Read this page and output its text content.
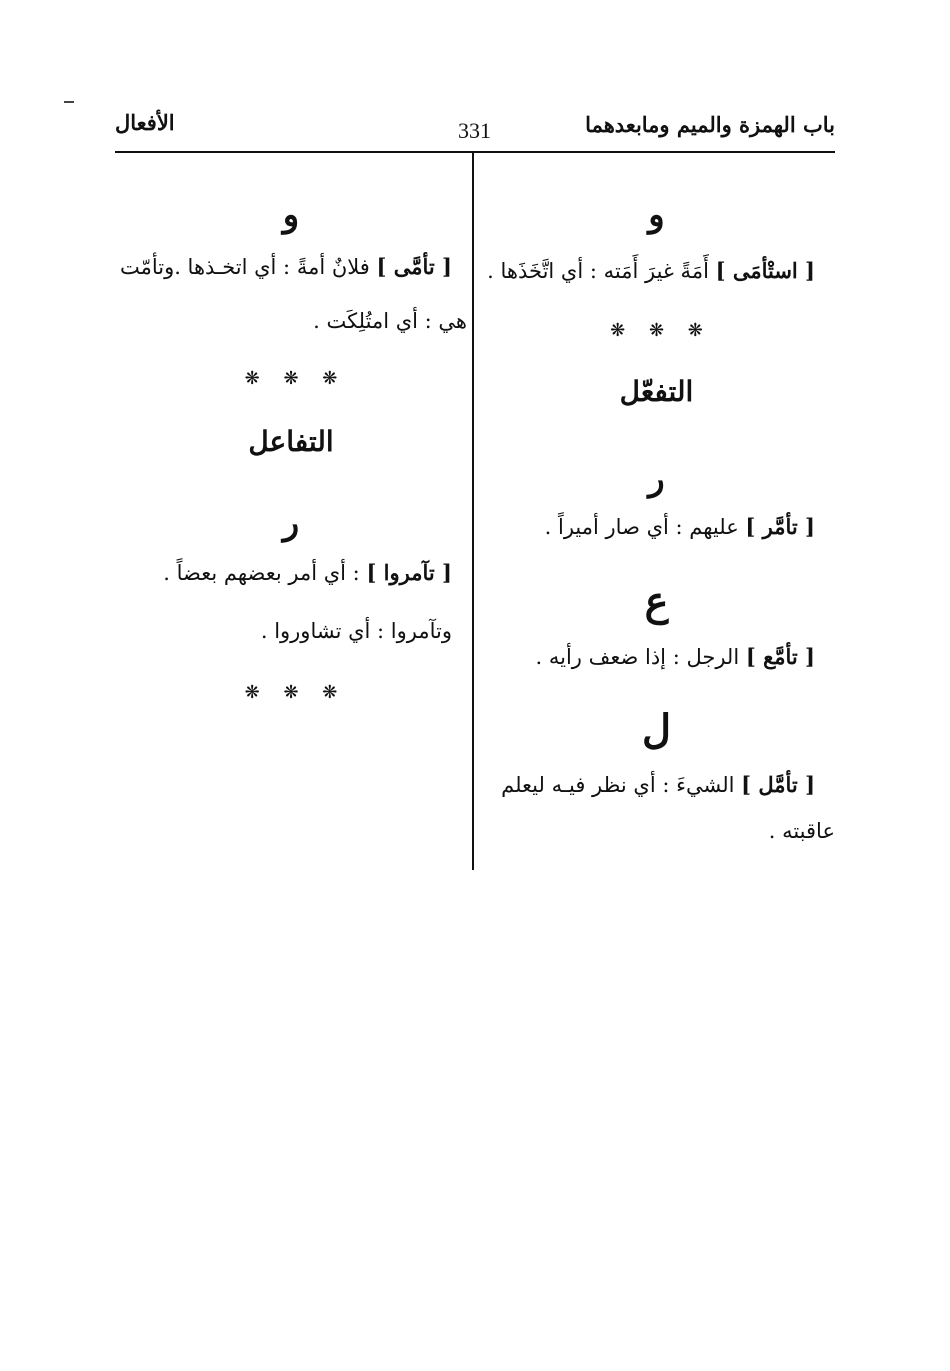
باب الهمزة والميم ومابعدهما
331
الأفعال
و
[ استْأمَى ] أَمَةً غيرَ أَمَته : أي اتَّخَذَها .
❋ ❋ ❋
التفعّل
ر
[ تأمَّر ] عليهم : أي صار أميراً .
ع
[ تأمَّع ] الرجل : إذا ضعف رأيه .
ل
[ تأمَّل ] الشيءَ : أي نظر فيـه ليعلم
عاقبته .
و
[ تأمَّى ] فلانٌ أمةً : أي اتخـذها .وتأمّت
هي : أي امتُلِكَت .
❋ ❋ ❋
التفاعل
ر
[ تآمروا ] : أي أمر بعضهم بعضاً .
وتآمروا : أي تشاوروا .
❋ ❋ ❋
